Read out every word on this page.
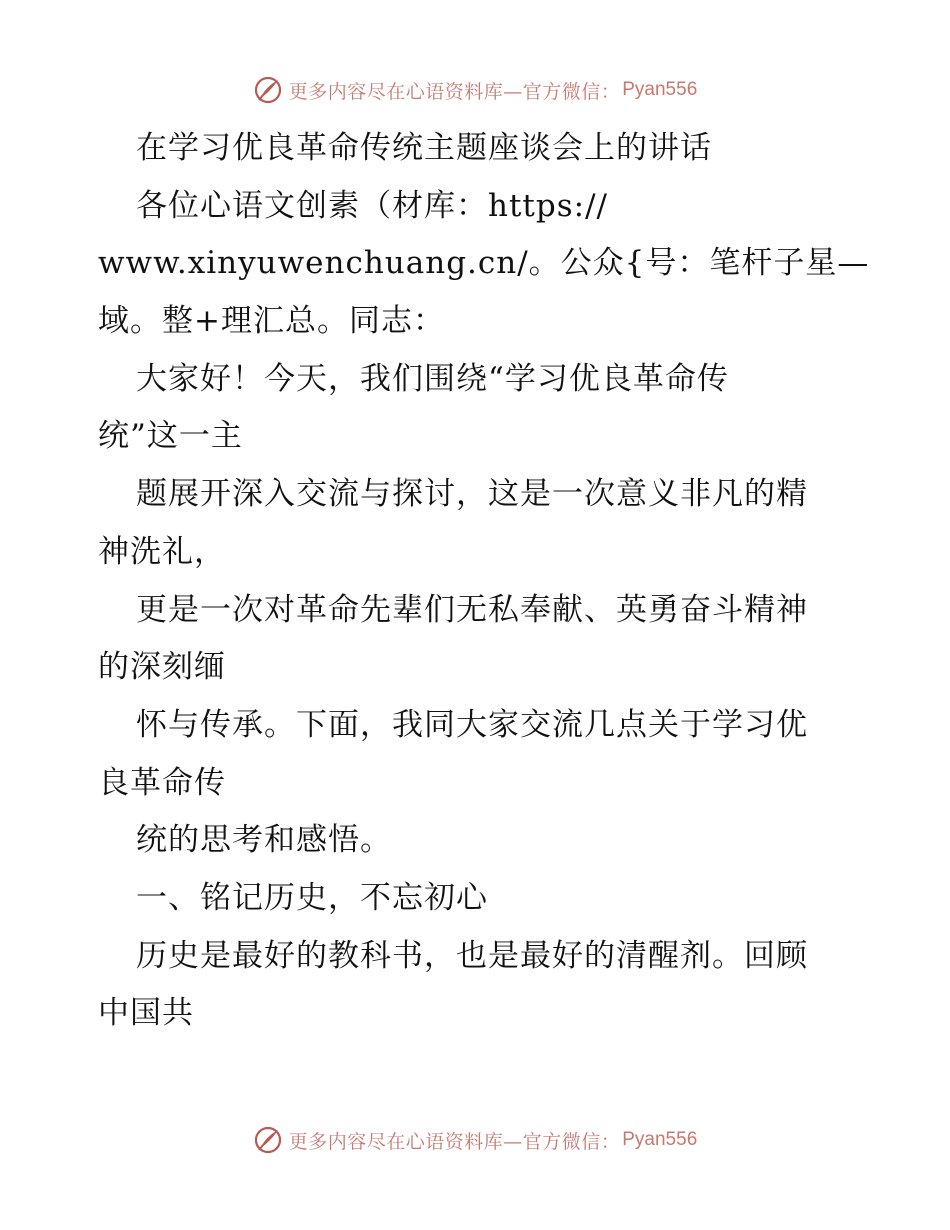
更多内容尽在心语资料库—官方微信： Pyan556
在学习优良革命传统主题座谈会上的讲话
各位心语文创素（材库：https://
www.xinyuwenchuang.cn/。公众{号：笔杆子星—
域。整+理汇总。同志：
大家好！今天，我们围绕“学习优良革命传
统”这一主
题展开深入交流与探讨，这是一次意义非凡的精
神洗礼，
更是一次对革命先辈们无私奉献、英勇奋斗精神
的深刻缅
怀与传承。下面，我同大家交流几点关于学习优
良革命传
统的思考和感悟。
一、铭记历史，不忘初心
历史是最好的教科书，也是最好的清醒剂。回顾
中国共
更多内容尽在心语资料库—官方微信： Pyan556
